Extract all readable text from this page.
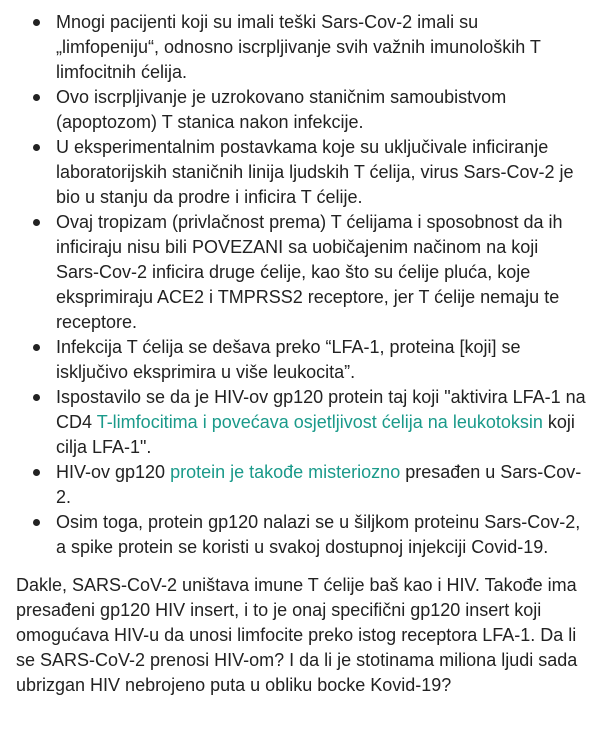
Mnogi pacijenti koji su imali teški Sars-Cov-2 imali su „limfopeniju“, odnosno iscrpljivanje svih važnih imunoloških T limfocitnih ćelija.
Ovo iscrpljivanje je uzrokovano staničnim samoubistvom (apoptozom) T stanica nakon infekcije.
U eksperimentalnim postavkama koje su uključivale inficiranje laboratorijskih staničnih linija ljudskih T ćelija, virus Sars-Cov-2 je bio u stanju da prodre i inficira T ćelije.
Ovaj tropizam (privlačnost prema) T ćelijama i sposobnost da ih inficiraju nisu bili POVEZANI sa uobičajenim načinom na koji Sars-Cov-2 inficira druge ćelije, kao što su ćelije pluća, koje eksprimiraju ACE2 i TMPRSS2 receptore, jer T ćelije nemaju te receptore.
Infekcija T ćelija se dešava preko “LFA-1, proteina [koji] se isključivo eksprimira u više leukocita”.
Ispostavilo se da je HIV-ov gp120 protein taj koji "aktivira LFA-1 na CD4 T-limfocitima i povećava osjetljivost ćelija na leukotoksin koji cilja LFA-1".
HIV-ov gp120 protein je takođe misteriozno presađen u Sars-Cov-2.
Osim toga, protein gp120 nalazi se u šiljkom proteinu Sars-Cov-2, a spike protein se koristi u svakoj dostupnoj injekciji Covid-19.

Dakle, SARS-CoV-2 uništava imune T ćelije baš kao i HIV. Takođe ima presađeni gp120 HIV insert, i to je onaj specifični gp120 insert koji omogućava HIV-u da unosi limfocite preko istog receptora LFA-1. Da li se SARS-CoV-2 prenosi HIV-om? I da li je stotinama miliona ljudi sada ubrizgan HIV nebrojeno puta u obliku bocke Kovid-19?
